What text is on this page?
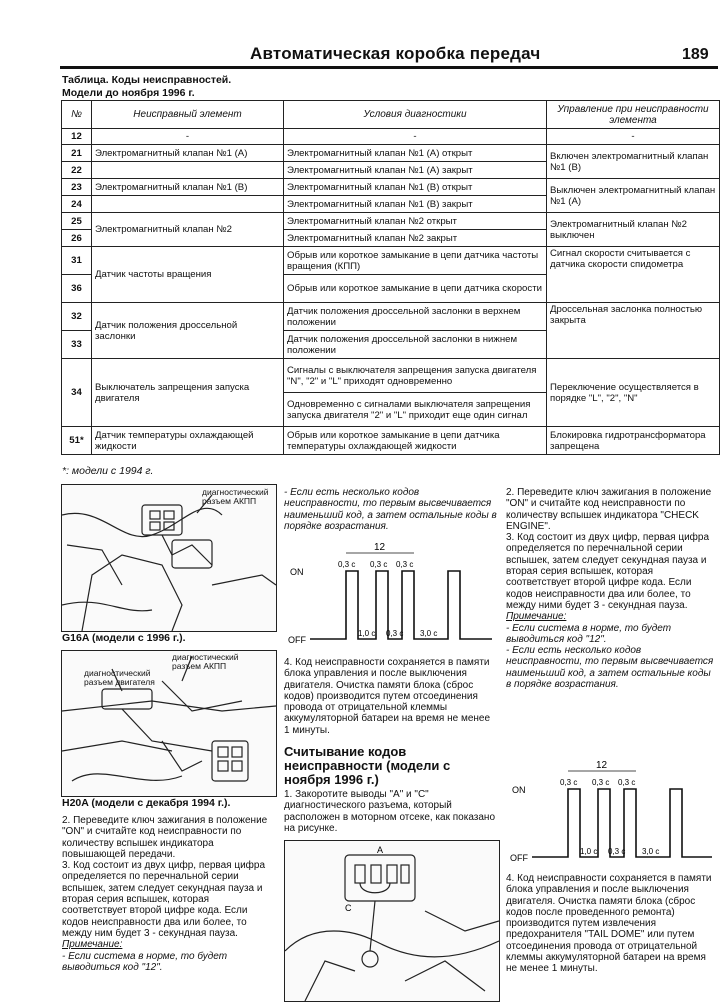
Автоматическая коробка передач	189
Таблица. Коды неисправностей.
Модели до ноября 1996 г.
№	Неисправный элемент	Условия диагностики	Управление при неисправности элемента
12	-	-	-
21	Электромагнитный клапан №1 (А)	Электромагнитный клапан №1 (А) открыт	Включен электромагнитный клапан №1 (B)
22		Электромагнитный клапан №1 (А) закрыт	
23	Электромагнитный клапан №1 (B)	Электромагнитный клапан №1 (B) открыт	Выключен электромагнитный клапан №1 (А)
24		Электромагнитный клапан №1 (B) закрыт	
25	Электромагнитный клапан №2	Электромагнитный клапан №2 открыт	Электромагнитный клапан №2 выключен
26		Электромагнитный клапан №2 закрыт	
31	Датчик частоты вращения	Обрыв или короткое замыкание в цепи датчика частоты вращения (КПП)	Сигнал скорости считывается с датчика скорости спидометра
36		Обрыв или короткое замыкание в цепи датчика скорости	
32	Датчик положения дроссельной заслонки	Датчик положения дроссельной заслонки в верхнем положении	Дроссельная заслонка полностью закрыта
33		Датчик положения дроссельной заслонки в нижнем положении	
34	Выключатель запрещения запуска двигателя	Сигналы с выключателя запрещения запуска двигателя "N", "2" и "L" приходят одновременно	Переключение осуществляется в порядке "L", "2", "N"
		Одновременно с сигналами выключателя запрещения запуска двигателя "2" и "L" приходит еще один сигнал	
51*	Датчик температуры охлаждающей жидкости	Обрыв или короткое замыкание в цепи датчика температуры охлаждающей жидкости	Блокировка гидротрансформатора запрещена
*: модели с 1994 г.
диагностический разъем АКПП
G16A (модели с 1996 г.).
диагностический разъем двигателя
диагностический разъем АКПП
H20A (модели с декабря 1994 г.).

2. Переведите ключ зажигания в положение "ON" и считайте код неисправности по количеству вспышек индикатора повышающей передачи.

3. Код состоит из двух цифр, первая цифра определяется по перечнальной серии вспышек, затем следует секундная пауза и вторая серия вспышек, которая соответствует второй цифре кода. Если кодов неисправности два или более, то между ним будет 3 - секундная пауза.

Примечание:

- Если система в норме, то будет выводиться код "12".

- Если есть несколько кодов неисправности, то первым высвечивается наименьший код, а затем остальные коды в порядке возрастания.
ON
OFF
12
0,3 c 0,3 c 0,3 c
1,0 c 0,3 c 3,0 c
4. Код неисправности сохраняется в памяти блока управления и после выключения двигателя. Очистка памяти блока (сброс кодов) производится путем отсоединения провода от отрицательной клеммы аккумуляторной батареи на время не менее 1 минуты.
Считывание кодов неисправности (модели с ноября 1996 г.)
1. Закоротите выводы "А" и "С" диагностического разъема, который расположен в моторном отсеке, как показано на рисунке.
A
C

2. Переведите ключ зажигания в положение "ON" и считайте код неисправности по количеству вспышек индикатора "CHECK ENGINE".

3. Код состоит из двух цифр, первая цифра определяется по перечнальной серии вспышек, затем следует секундная пауза и вторая серия вспышек, которая соответствует второй цифре кода. Если кодов неисправности два или более, то между ними будет 3 - секундная пауза.

Примечание:

- Если система в норме, то будет выводиться код "12".

- Если есть несколько кодов неисправности, то первым высвечивается наименьший код, а затем остальные коды в порядке возрастания.

ON
OFF
12
0,3 c 0,3 c 0,3 c
1,0 c 0,3 c 3,0 c
4. Код неисправности сохраняется в памяти блока управления и после выключения двигателя. Очистка памяти блока (сброс кодов после проведенного ремонта) производится путем извлечения предохранителя "TAIL DOME" или путем отсоединения провода от отрицательной клеммы аккумуляторной батареи на время не менее 1 минуты.
